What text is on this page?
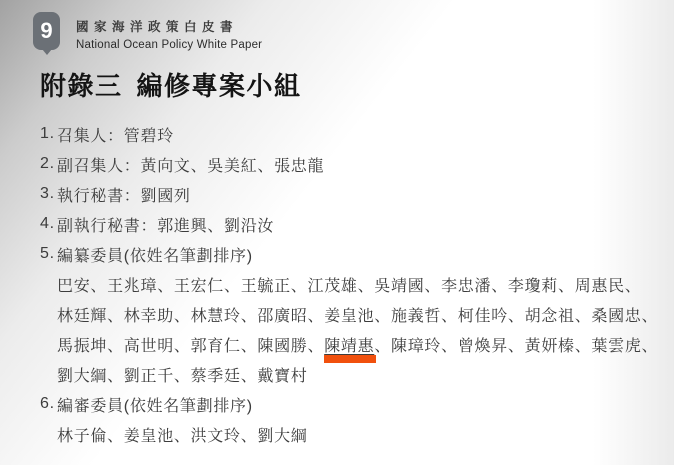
9 國家海洋政策白皮書
National Ocean Policy White Paper
附錄三 編修專案小組
1. 召集人：管碧玲
2. 副召集人：黃向文、吳美紅、張忠龍
3. 執行秘書：劉國列
4. 副執行秘書：郭進興、劉沿汝
5. 編纂委員(依姓名筆劃排序)
巴安、王兆璋、王宏仁、王毓正、江茂雄、吳靖國、李忠潘、李瓊莉、周惠民、
林廷輝、林幸助、林慧玲、邵廣昭、姜皇池、施義哲、柯佳吟、胡念祖、桑國忠、
馬振坤、高世明、郭育仁、陳國勝、 陳靖惠 、陳璋玲、曾煥昇、黃妍榛、葉雲虎、
劉大綱、劉正千、蔡季廷、戴寶村
6. 編審委員(依姓名筆劃排序)
林子倫、姜皇池、洪文玲、劉大綱
